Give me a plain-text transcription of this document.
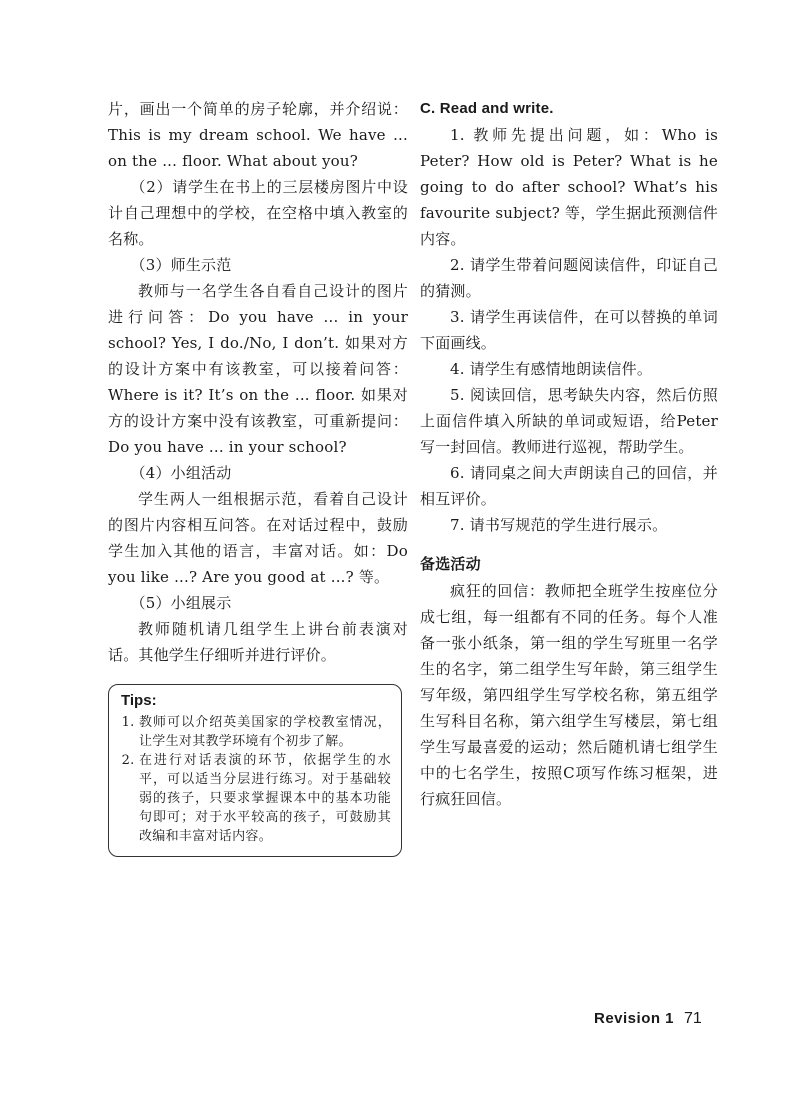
片，画出一个简单的房子轮廓，并介绍说：This is my dream school. We have ... on the ... floor. What about you?

（2）请学生在书上的三层楼房图片中设计自己理想中的学校，在空格中填入教室的名称。

（3）师生示范

教师与一名学生各自看自己设计的图片进行问答：Do you have ... in your school? Yes, I do./No, I don’t. 如果对方的设计方案中有该教室，可以接着问答：Where is it? It’s on the ... floor. 如果对方的设计方案中没有该教室，可重新提问：Do you have ... in your school?

（4）小组活动

学生两人一组根据示范，看着自己设计的图片内容相互问答。在对话过程中，鼓励学生加入其他的语言，丰富对话。如：Do you like ...? Are you good at ...? 等。

（5）小组展示

教师随机请几组学生上讲台前表演对话。其他学生仔细听并进行评价。

Tips:
1. 教师可以介绍英美国家的学校教室情况，让学生对其教学环境有个初步了解。
2. 在进行对话表演的环节，依据学生的水平，可以适当分层进行练习。对于基础较弱的孩子，只要求掌握课本中的基本功能句即可；对于水平较高的孩子，可鼓励其改编和丰富对话内容。

C. Read and write.

1. 教师先提出问题，如：Who is Peter? How old is Peter? What is he going to do after school? What’s his favourite subject? 等，学生据此预测信件内容。

2. 请学生带着问题阅读信件，印证自己的猜测。

3. 请学生再读信件，在可以替换的单词下面画线。

4. 请学生有感情地朗读信件。

5. 阅读回信，思考缺失内容，然后仿照上面信件填入所缺的单词或短语，给Peter写一封回信。教师进行巡视，帮助学生。

6. 请同桌之间大声朗读自己的回信，并相互评价。

7. 请书写规范的学生进行展示。

备选活动

疯狂的回信：教师把全班学生按座位分成七组，每一组都有不同的任务。每个人准备一张小纸条，第一组的学生写班里一名学生的名字，第二组学生写年龄，第三组学生写年级，第四组学生写学校名称，第五组学生写科目名称，第六组学生写楼层，第七组学生写最喜爱的运动；然后随机请七组学生中的七名学生，按照C项写作练习框架，进行疯狂回信。

Revision 1 71
